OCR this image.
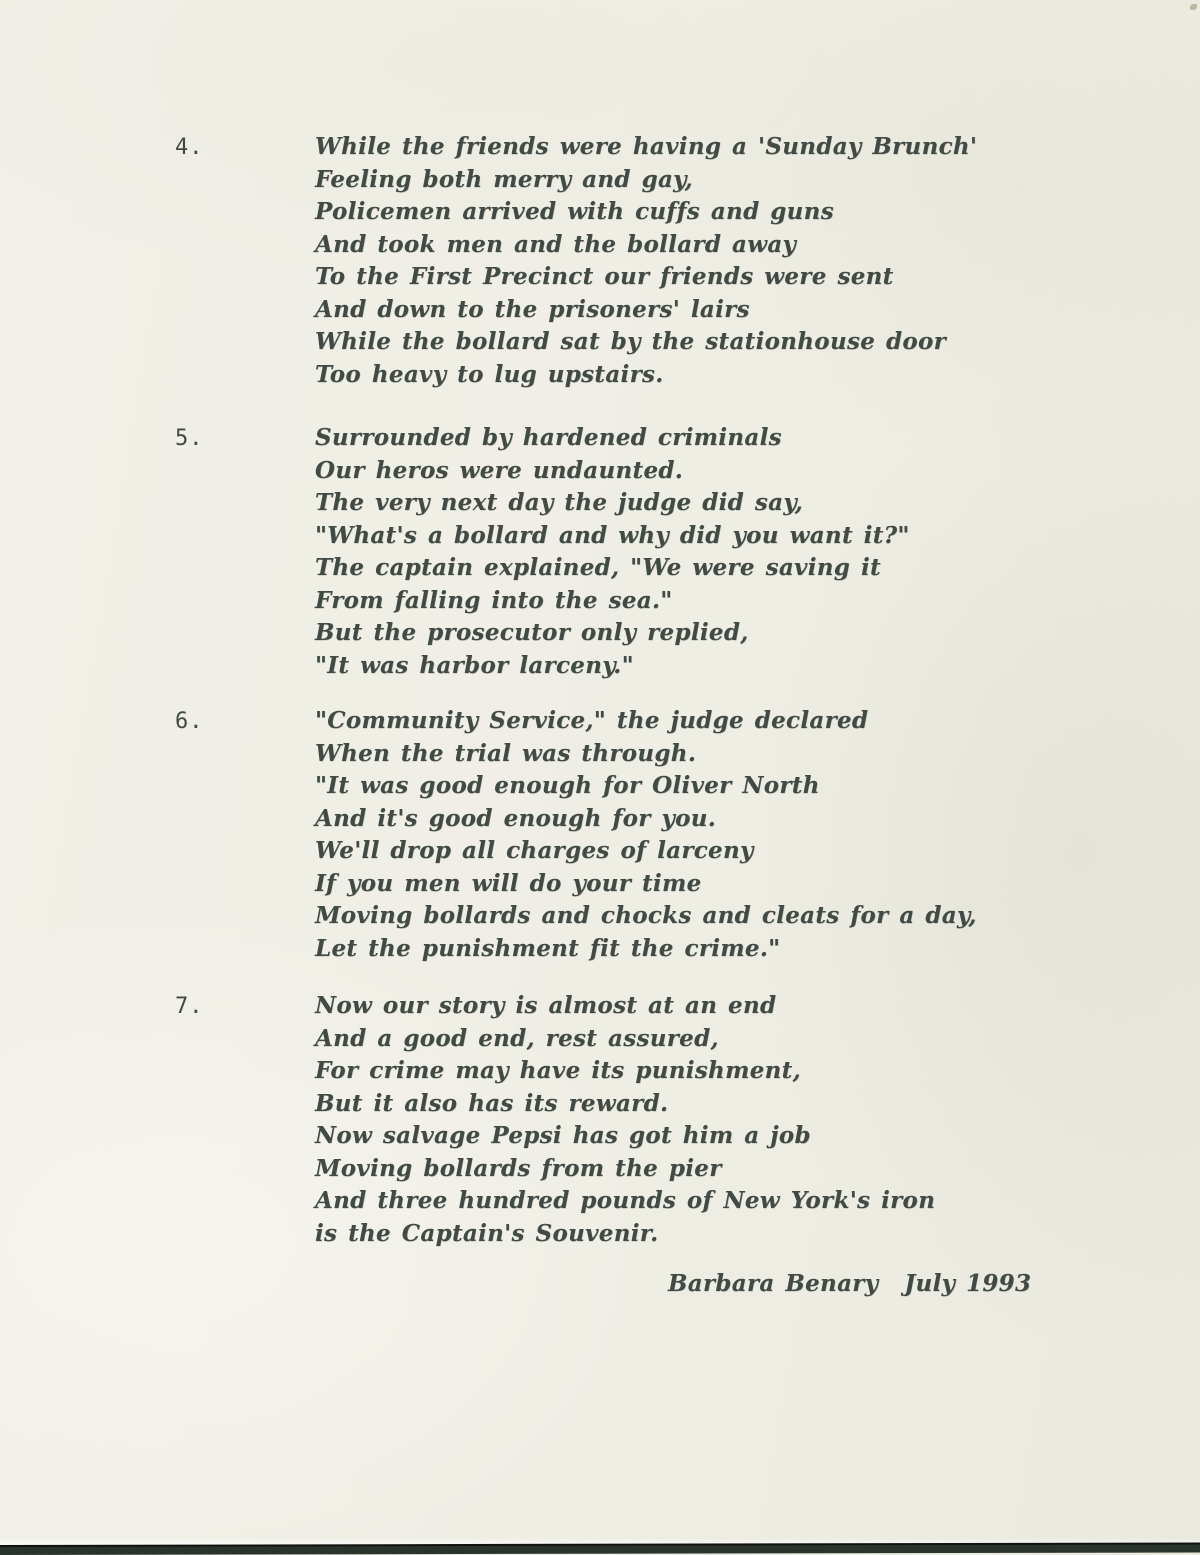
4.	While the friends were having a 'Sunday Brunch'
Feeling both merry and gay,
Policemen arrived with cuffs and guns
And took men and the bollard away
To the First Precinct our friends were sent
And down to the prisoners' lairs
While the bollard sat by the stationhouse door
Too heavy to lug upstairs.
5.	Surrounded by hardened criminals
Our heros were undaunted.
The very next day the judge did say,
"What's a bollard and why did you want it?"
The captain explained, "We were saving it
From falling into the sea."
But the prosecutor only replied,
"It was harbor larceny."
6.	"Community Service," the judge declared
When the trial was through.
"It was good enough for Oliver North
And it's good enough for you.
We'll drop all charges of larceny
If you men will do your time
Moving bollards and chocks and cleats for a day,
Let the punishment fit the crime."
7.	Now our story is almost at an end
And a good end, rest assured,
For crime may have its punishment,
But it also has its reward.
Now salvage Pepsi has got him a job
Moving bollards from the pier
And three hundred pounds of New York's iron
is the Captain's Souvenir.
Barbara Benary July 1993
